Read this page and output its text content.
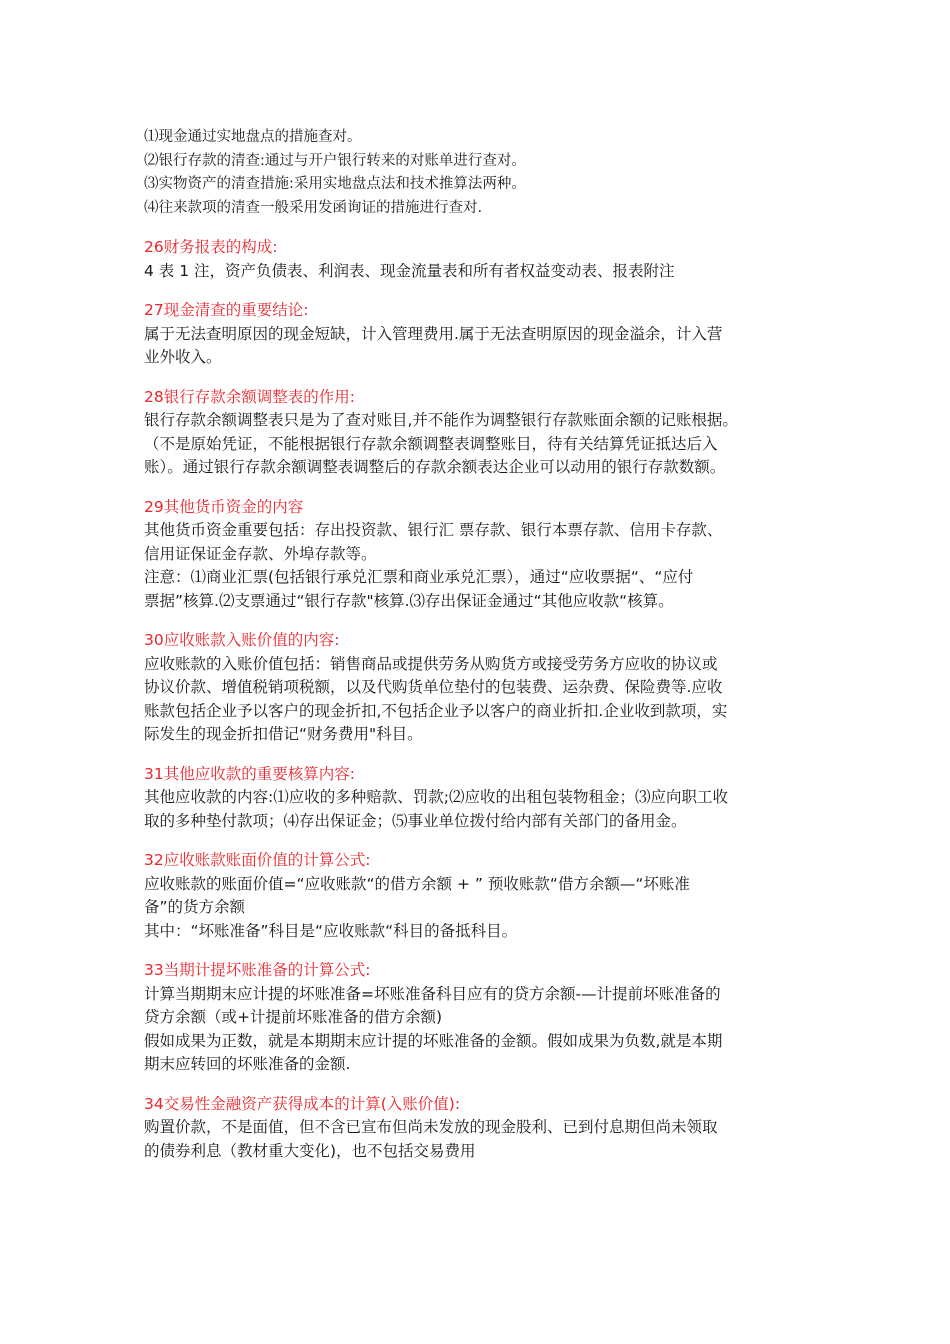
⑴现金通过实地盘点的措施查对。
⑵银行存款的清查:通过与开户银行转来的对账单进行查对。
⑶实物资产的清查措施:采用实地盘点法和技术推算法两种。
⑷往来款项的清查一般采用发函询证的措施进行查对.
26财务报表的构成:
4 表 1 注，资产负债表、利润表、现金流量表和所有者权益变动表、报表附注
27现金清查的重要结论:
属于无法查明原因的现金短缺，计入管理费用.属于无法查明原因的现金溢余，计入营
业外收入。
28银行存款余额调整表的作用:
银行存款余额调整表只是为了查对账目,并不能作为调整银行存款账面余额的记账根据。
（不是原始凭证，不能根据银行存款余额调整表调整账目，待有关结算凭证抵达后入
账）。通过银行存款余额调整表调整后的存款余额表达企业可以动用的银行存款数额。
29其他货币资金的内容
其他货币资金重要包括：存出投资款、银行汇 票存款、银行本票存款、信用卡存款、
信用证保证金存款、外埠存款等。
注意：⑴商业汇票(包括银行承兑汇票和商业承兑汇票），通过“应收票据“、“应付
票据”核算.⑵支票通过“银行存款"核算.⑶存出保证金通过“其他应收款“核算。
30应收账款入账价值的内容:
应收账款的入账价值包括：销售商品或提供劳务从购货方或接受劳务方应收的协议或
协议价款、增值税销项税额，以及代购货单位垫付的包装费、运杂费、保险费等.应收
账款包括企业予以客户的现金折扣,不包括企业予以客户的商业折扣.企业收到款项，实
际发生的现金折扣借记“财务费用"科目。
31其他应收款的重要核算内容:
其他应收款的内容:⑴应收的多种赔款、罚款;⑵应收的出租包装物租金；⑶应向职工收
取的多种垫付款项；⑷存出保证金；⑸事业单位拨付给内部有关部门的备用金。
32应收账款账面价值的计算公式:
应收账款的账面价值=“应收账款“的借方余额 + ” 预收账款“借方余额—“坏账准
备”的货方余额
其中：“坏账准备”科目是“应收账款“科目的备抵科目。
33当期计提坏账准备的计算公式:
计算当期期末应计提的坏账准备=坏账准备科目应有的贷方余额-—计提前坏账准备的
贷方余额（或+计提前坏账准备的借方余额)
假如成果为正数，就是本期期末应计提的坏账准备的金额。假如成果为负数,就是本期
期末应转回的坏账准备的金额.
34交易性金融资产获得成本的计算(入账价值):
购置价款，不是面值，但不含已宣布但尚未发放的现金股利、已到付息期但尚未领取
的债券利息（教材重大变化)，也不包括交易费用
